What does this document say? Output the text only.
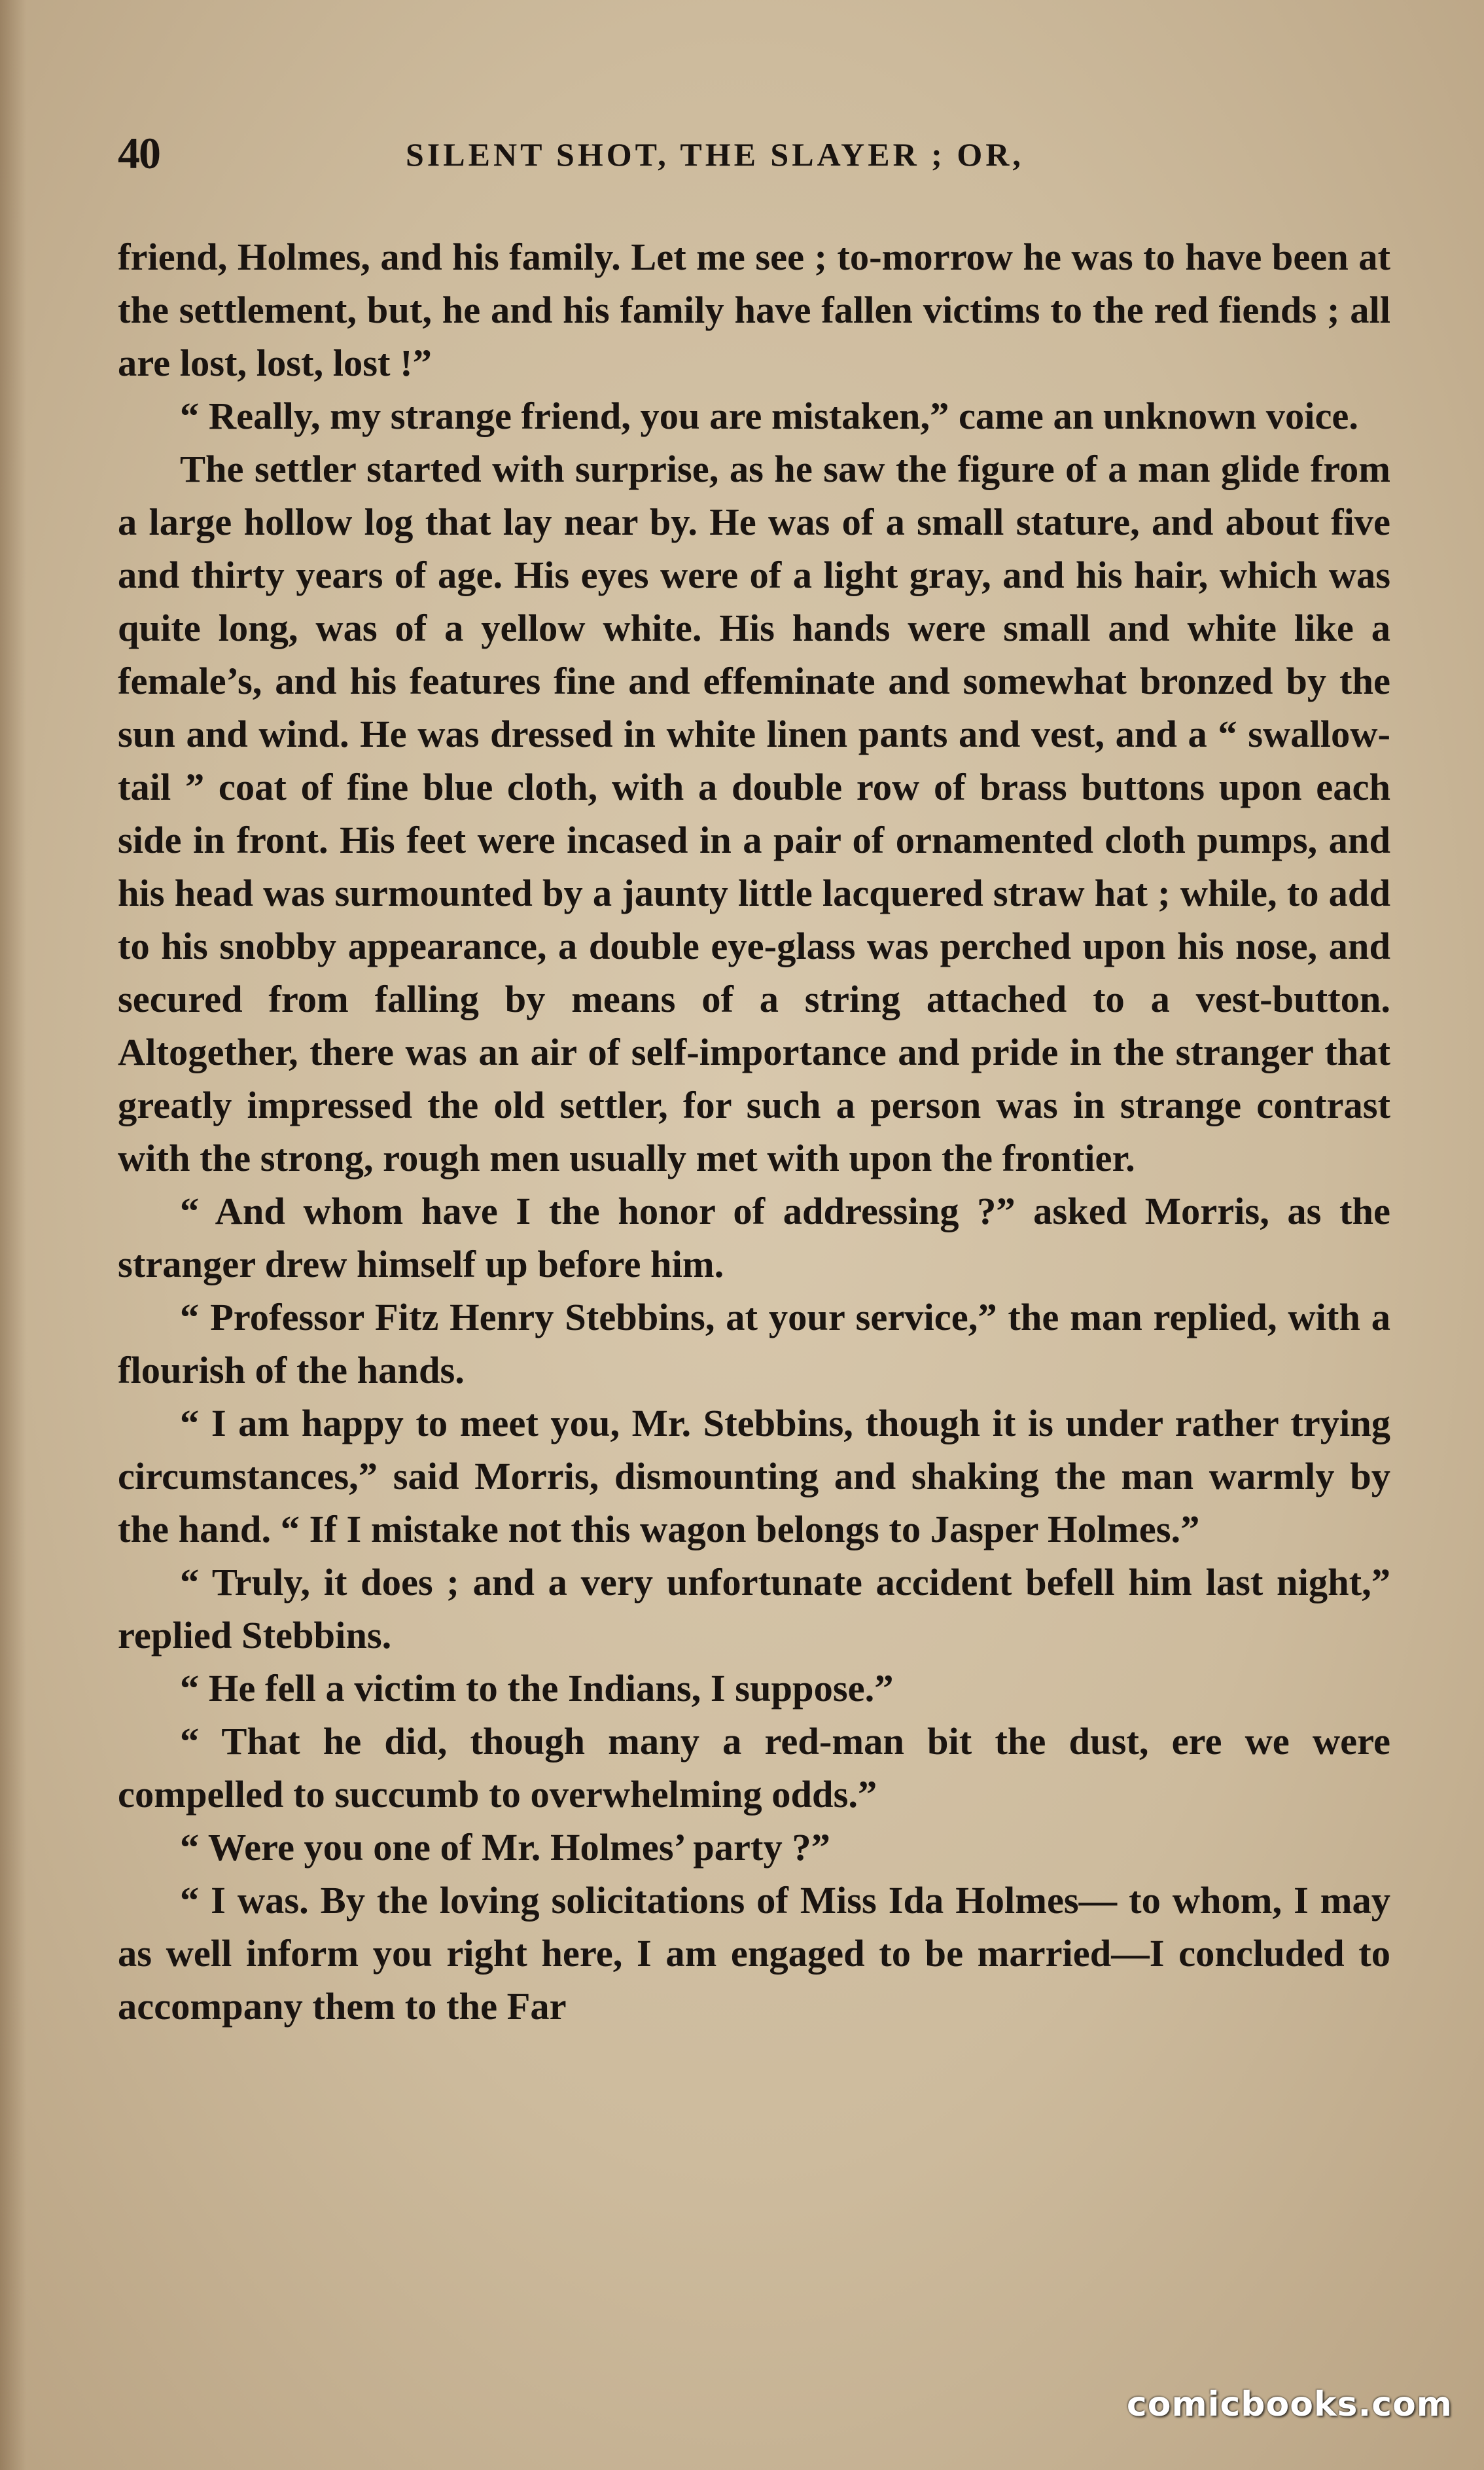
40	SILENT SHOT, THE SLAYER ; OR,

friend, Holmes, and his family. Let me see ; to-morrow he was to have been at the settlement, but, he and his family have fallen victims to the red fiends ; all are lost, lost, lost !”

“ Really, my strange friend, you are mistaken,” came an unknown voice.

The settler started with surprise, as he saw the figure of a man glide from a large hollow log that lay near by. He was of a small stature, and about five and thirty years of age. His eyes were of a light gray, and his hair, which was quite long, was of a yellow white. His hands were small and white like a female’s, and his features fine and effeminate and somewhat bronzed by the sun and wind. He was dressed in white linen pants and vest, and a “ swallow-tail ” coat of fine blue cloth, with a double row of brass buttons upon each side in front. His feet were incased in a pair of ornamented cloth pumps, and his head was surmounted by a jaunty little lacquered straw hat ; while, to add to his snobby appearance, a double eye-glass was perched upon his nose, and secured from falling by means of a string attached to a vest-button. Altogether, there was an air of self-importance and pride in the stranger that greatly impressed the old settler, for such a person was in strange contrast with the strong, rough men usually met with upon the frontier.

“ And whom have I the honor of addressing ?” asked Morris, as the stranger drew himself up before him.

“ Professor Fitz Henry Stebbins, at your service,” the man replied, with a flourish of the hands.

“ I am happy to meet you, Mr. Stebbins, though it is under rather trying circumstances,” said Morris, dismounting and shaking the man warmly by the hand. “ If I mistake not this wagon belongs to Jasper Holmes.”

“ Truly, it does ; and a very unfortunate accident befell him last night,” replied Stebbins.

“ He fell a victim to the Indians, I suppose.”

“ That he did, though many a red-man bit the dust, ere we were compelled to succumb to overwhelming odds.”

“ Were you one of Mr. Holmes’ party ?”

“ I was. By the loving solicitations of Miss Ida Holmes— to whom, I may as well inform you right here, I am engaged to be married—I concluded to accompany them to the Far

comicbooks.com
